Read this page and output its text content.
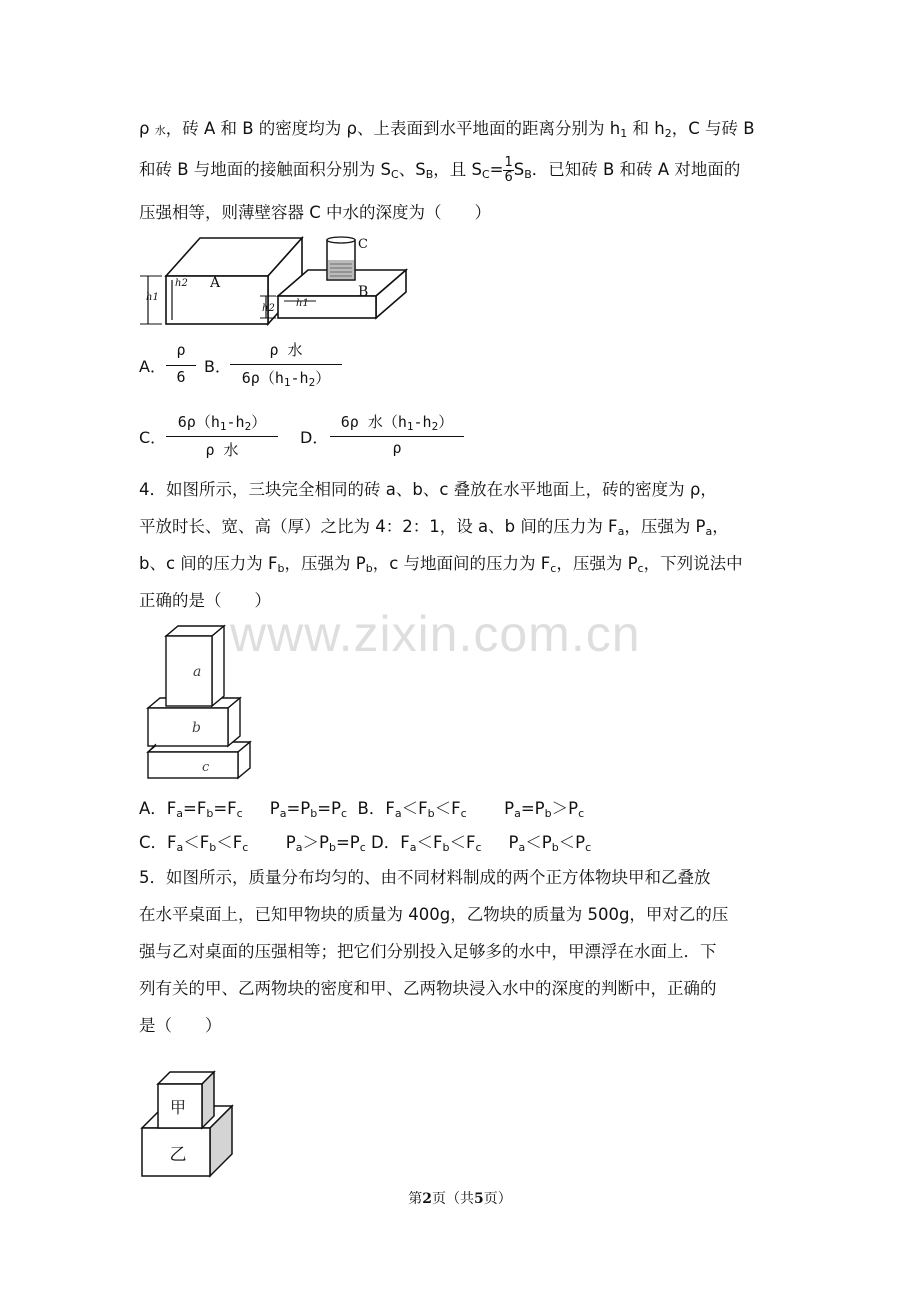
ρ 水，砖 A 和 B 的密度均为 ρ、上表面到水平地面的距离分别为 $h_1$ 和 $h_2$，C 与砖 B
和砖 B 与地面的接触面积分别为 $S_C$、$S_B$，且 $S_C= \frac{1}{6} S_B$．已知砖 B 和砖 A 对地面的
压强相等，则薄壁容器 C 中水的深度为（　　）
h2 A
h1
h1
B
h2
C
A．
ρ
6
B．
ρ 水
$6\rho(h_1-h_2)$
C．
$6\rho(h_1-h_2)$
ρ 水
D．
6ρ 水$(h_1-h_2)$
ρ
4．如图所示，三块完全相同的砖 a、b、c 叠放在水平地面上，砖的密度为 ρ，
平放时长、宽、高（厚）之比为 4：2：1，设 a、b 间的压力为 $F_a$，压强为 $P_a$，
b、c 间的压力为 $F_b$，压强为 $P_b$，c 与地面间的压力为 $F_c$，压强为 $P_c$，下列说法中
正确的是（　　）
a
b
c
www.zixin.com.cn
A．$F_a=F_b=F_c$　  $P_a=P_b=P_c$  B．$F_a<F_b<F_c$　    $P_a=P_b>P_c$
C．$F_a<F_b<F_c$　    $P_a>P_b=P_c$ D．$F_a<F_b<F_c$　  $P_a<P_b<P_c$
5．如图所示，质量分布均匀的、由不同材料制成的两个正方体物块甲和乙叠放
在水平桌面上，已知甲物块的质量为 400g，乙物块的质量为 500g，甲对乙的压
强与乙对桌面的压强相等；把它们分别投入足够多的水中，甲漂浮在水面上．下
列有关的甲、乙两物块的密度和甲、乙两物块浸入水中的深度的判断中，正确的
是（　　）
甲
乙
第2页（共5页）
